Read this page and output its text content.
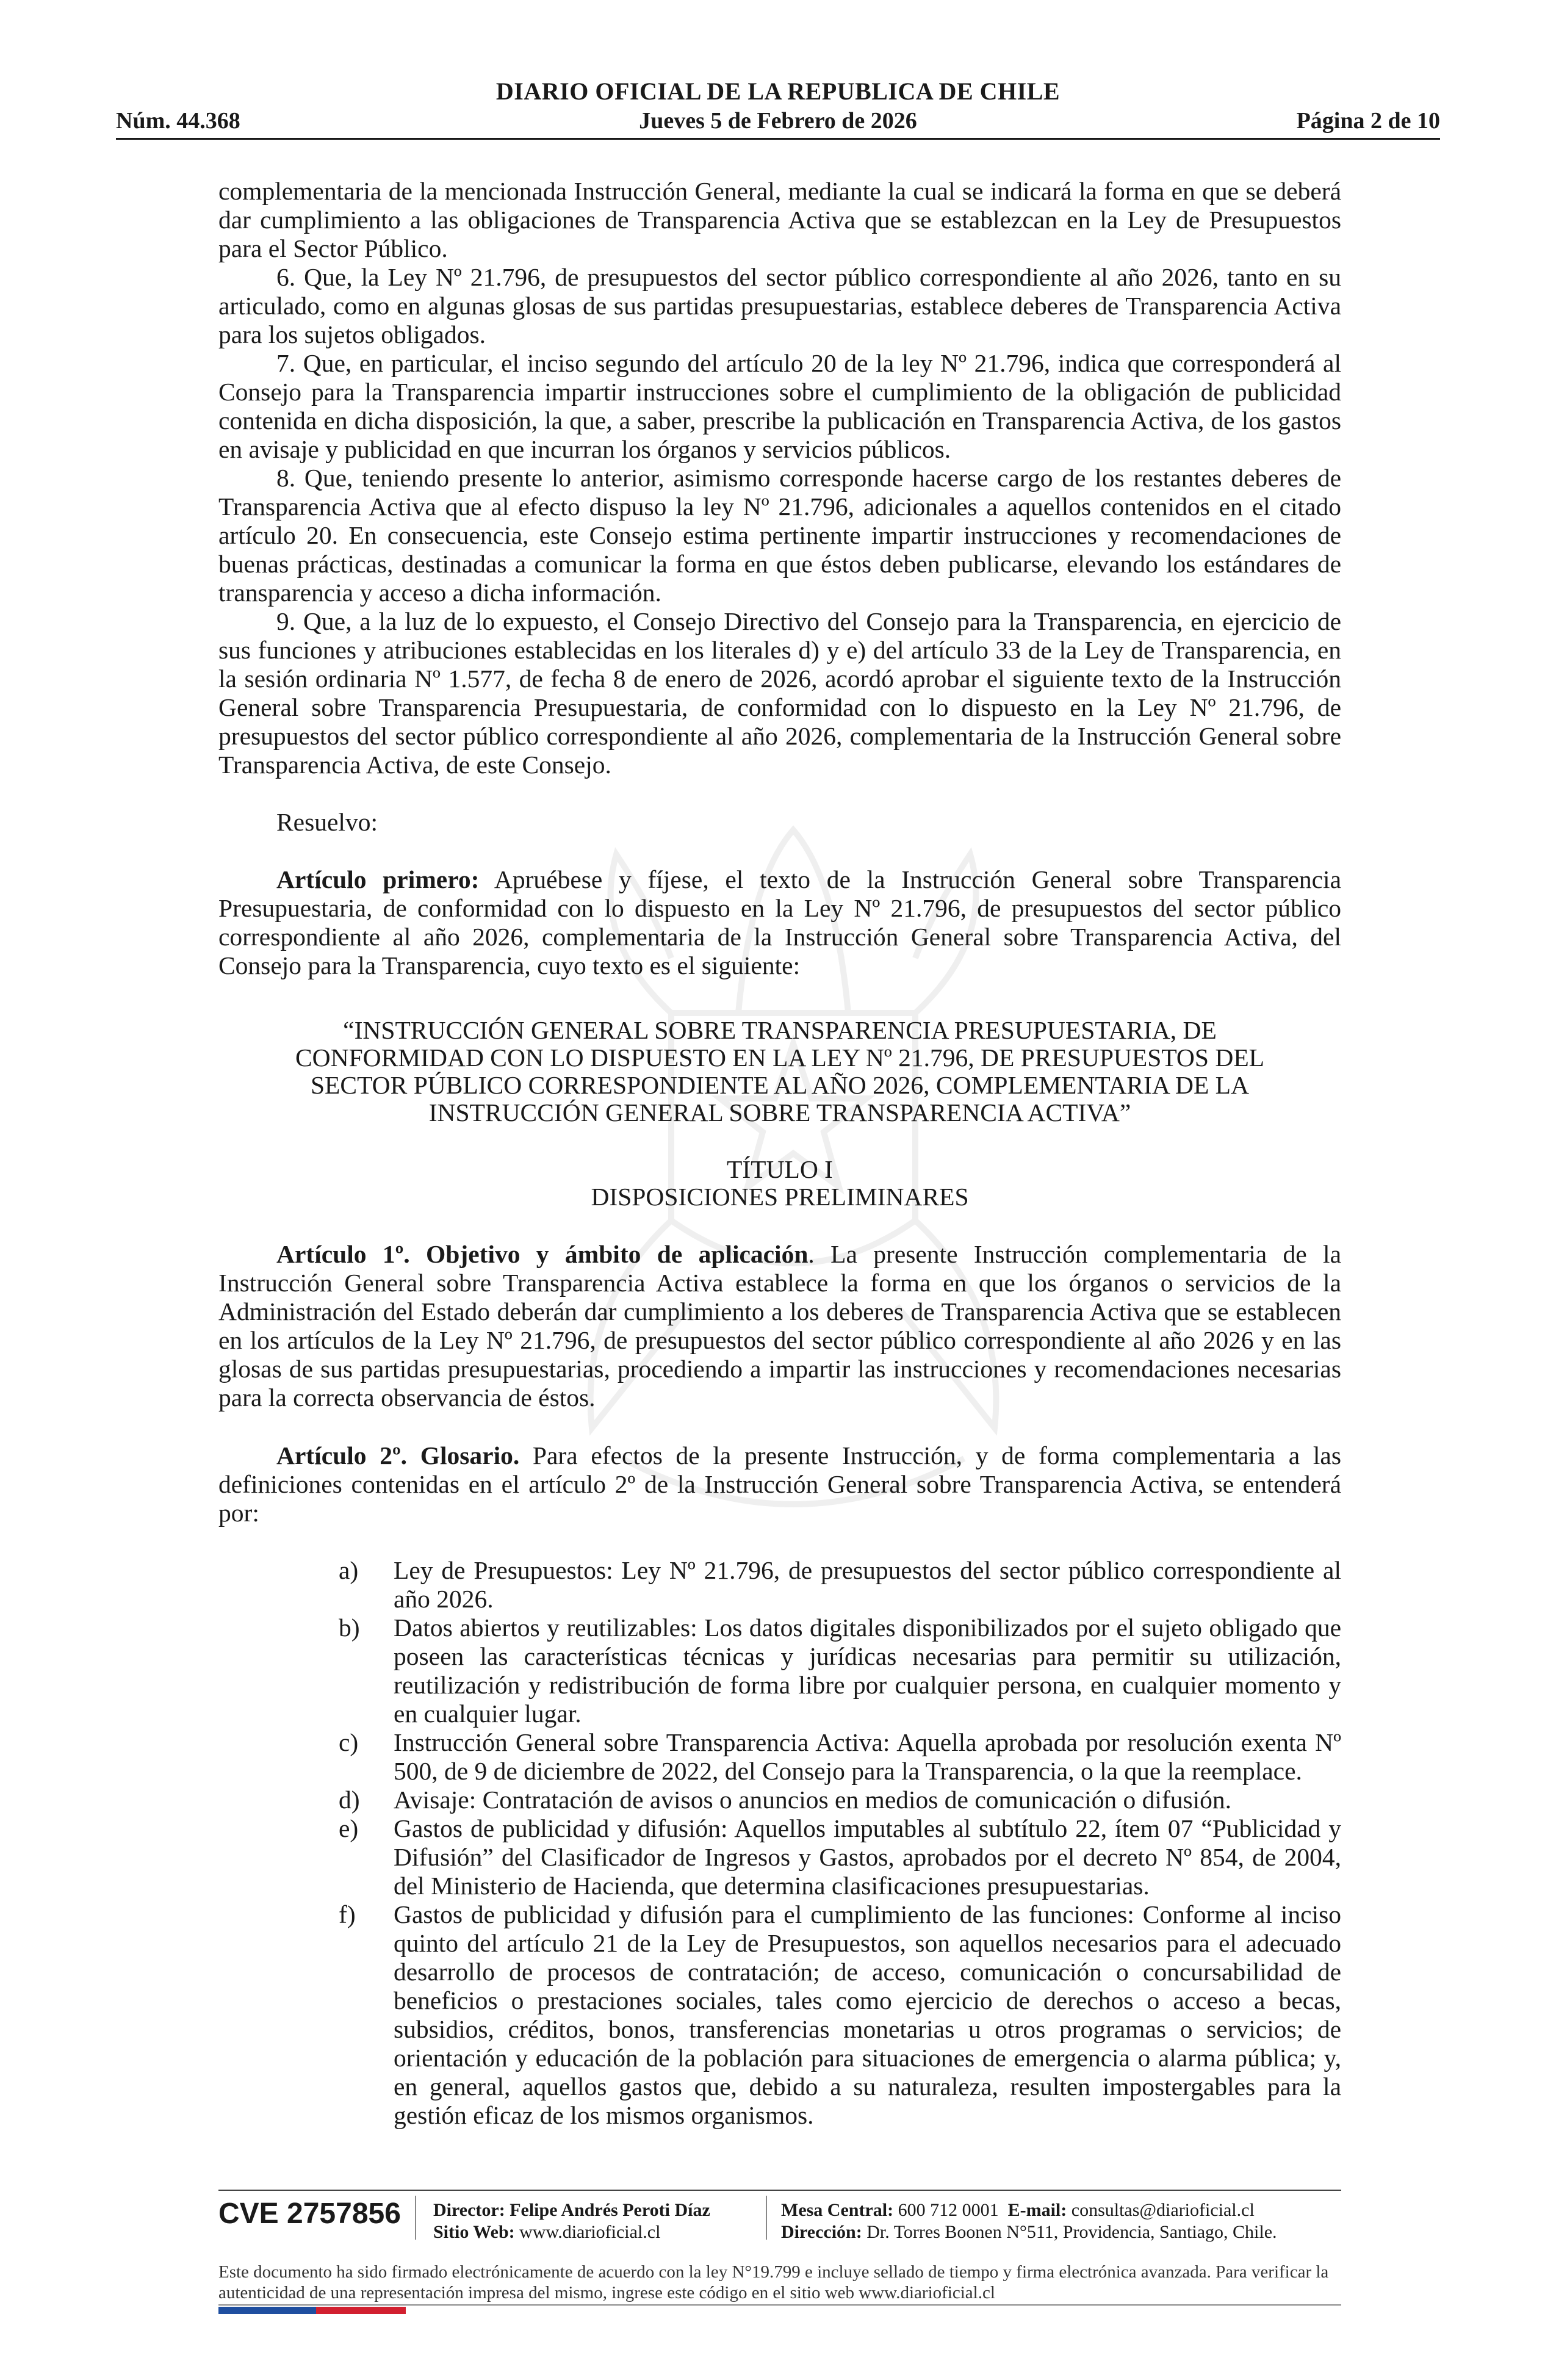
DIARIO OFICIAL DE LA REPUBLICA DE CHILE
Núm. 44.368	Jueves 5 de Febrero de 2026	Página 2 de 10

complementaria de la mencionada Instrucción General, mediante la cual se indicará la forma en que se deberá dar cumplimiento a las obligaciones de Transparencia Activa que se establezcan en la Ley de Presupuestos para el Sector Público.

6. Que, la Ley Nº 21.796, de presupuestos del sector público correspondiente al año 2026, tanto en su articulado, como en algunas glosas de sus partidas presupuestarias, establece deberes de Transparencia Activa para los sujetos obligados.

7. Que, en particular, el inciso segundo del artículo 20 de la ley Nº 21.796, indica que corresponderá al Consejo para la Transparencia impartir instrucciones sobre el cumplimiento de la obligación de publicidad contenida en dicha disposición, la que, a saber, prescribe la publicación en Transparencia Activa, de los gastos en avisaje y publicidad en que incurran los órganos y servicios públicos.

8. Que, teniendo presente lo anterior, asimismo corresponde hacerse cargo de los restantes deberes de Transparencia Activa que al efecto dispuso la ley Nº 21.796, adicionales a aquellos contenidos en el citado artículo 20. En consecuencia, este Consejo estima pertinente impartir instrucciones y recomendaciones de buenas prácticas, destinadas a comunicar la forma en que éstos deben publicarse, elevando los estándares de transparencia y acceso a dicha información.

9. Que, a la luz de lo expuesto, el Consejo Directivo del Consejo para la Transparencia, en ejercicio de sus funciones y atribuciones establecidas en los literales d) y e) del artículo 33 de la Ley de Transparencia, en la sesión ordinaria Nº 1.577, de fecha 8 de enero de 2026, acordó aprobar el siguiente texto de la Instrucción General sobre Transparencia Presupuestaria, de conformidad con lo dispuesto en la Ley Nº 21.796, de presupuestos del sector público correspondiente al año 2026, complementaria de la Instrucción General sobre Transparencia Activa, de este Consejo.

Resuelvo:

Artículo primero: Apruébese y fíjese, el texto de la Instrucción General sobre Transparencia Presupuestaria, de conformidad con lo dispuesto en la Ley Nº 21.796, de presupuestos del sector público correspondiente al año 2026, complementaria de la Instrucción General sobre Transparencia Activa, del Consejo para la Transparencia, cuyo texto es el siguiente:

“INSTRUCCIÓN GENERAL SOBRE TRANSPARENCIA PRESUPUESTARIA, DE
CONFORMIDAD CON LO DISPUESTO EN LA LEY Nº 21.796, DE PRESUPUESTOS DEL
SECTOR PÚBLICO CORRESPONDIENTE AL AÑO 2026, COMPLEMENTARIA DE LA
INSTRUCCIÓN GENERAL SOBRE TRANSPARENCIA ACTIVA”
TÍTULO I
DISPOSICIONES PRELIMINARES

Artículo 1º. Objetivo y ámbito de aplicación. La presente Instrucción complementaria de la Instrucción General sobre Transparencia Activa establece la forma en que los órganos o servicios de la Administración del Estado deberán dar cumplimiento a los deberes de Transparencia Activa que se establecen en los artículos de la Ley Nº 21.796, de presupuestos del sector público correspondiente al año 2026 y en las glosas de sus partidas presupuestarias, procediendo a impartir las instrucciones y recomendaciones necesarias para la correcta observancia de éstos.

Artículo 2º. Glosario. Para efectos de la presente Instrucción, y de forma complementaria a las definiciones contenidas en el artículo 2º de la Instrucción General sobre Transparencia Activa, se entenderá por:

a) Ley de Presupuestos: Ley Nº 21.796, de presupuestos del sector público correspondiente al año 2026.
b) Datos abiertos y reutilizables: Los datos digitales disponibilizados por el sujeto obligado que poseen las características técnicas y jurídicas necesarias para permitir su utilización, reutilización y redistribución de forma libre por cualquier persona, en cualquier momento y en cualquier lugar.
c) Instrucción General sobre Transparencia Activa: Aquella aprobada por resolución exenta Nº 500, de 9 de diciembre de 2022, del Consejo para la Transparencia, o la que la reemplace.
d) Avisaje: Contratación de avisos o anuncios en medios de comunicación o difusión.
e) Gastos de publicidad y difusión: Aquellos imputables al subtítulo 22, ítem 07 “Publicidad y Difusión” del Clasificador de Ingresos y Gastos, aprobados por el decreto Nº 854, de 2004, del Ministerio de Hacienda, que determina clasificaciones presupuestarias.
f) Gastos de publicidad y difusión para el cumplimiento de las funciones: Conforme al inciso quinto del artículo 21 de la Ley de Presupuestos, son aquellos necesarios para el adecuado desarrollo de procesos de contratación; de acceso, comunicación o concursabilidad de beneficios o prestaciones sociales, tales como ejercicio de derechos o acceso a becas, subsidios, créditos, bonos, transferencias monetarias u otros programas o servicios; de orientación y educación de la población para situaciones de emergencia o alarma pública; y, en general, aquellos gastos que, debido a su naturaleza, resulten impostergables para la gestión eficaz de los mismos organismos.
CVE 2757856 Director: Felipe Andrés Peroti Díaz
Sitio Web: www.diarioficial.cl
Mesa Central: 600 712 0001 E-mail: consultas@diarioficial.cl
Dirección: Dr. Torres Boonen N°511, Providencia, Santiago, Chile.
Este documento ha sido firmado electrónicamente de acuerdo con la ley N°19.799 e incluye sellado de tiempo y firma electrónica avanzada. Para verificar la autenticidad de una representación impresa del mismo, ingrese este código en el sitio web www.diarioficial.cl
